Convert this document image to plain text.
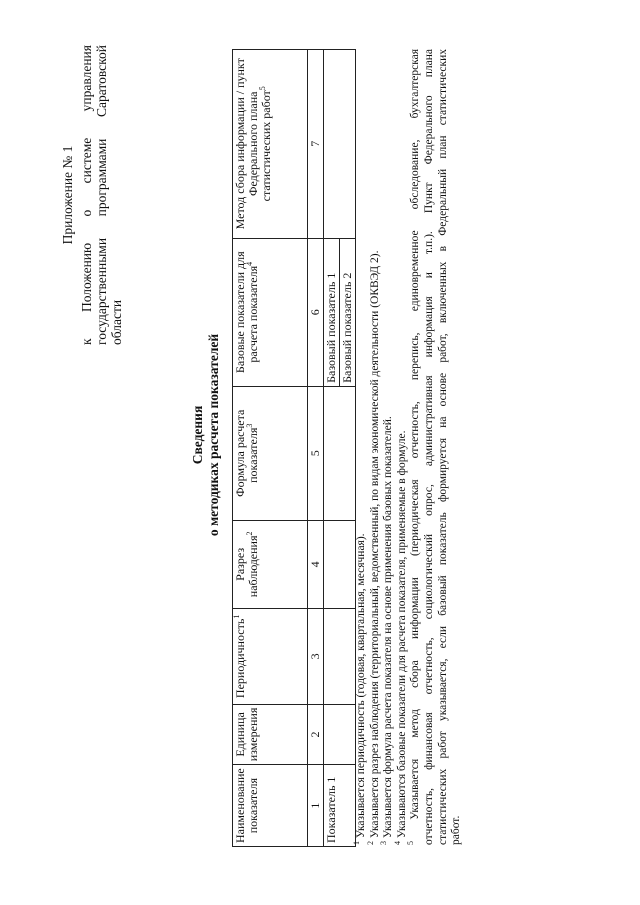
Приложение № 1 к Положению о системе управления государственными программами Саратовской области
Сведения о методиках расчета показателей
Наименование показателя	Единица измерения	Периодичность$^1$	Разрез наблюдения$^2$	Формула расчета показателя$^3$	Базовые показатели для расчета показателя$^4$	Метод сбора информации / пункт Федерального плана статистических работ$^5$
1	2	3	4	5	6	7
Показатель 1					Базовый показатель 1	
					Базовый показатель 2	
$^1$ Указывается периодичность (годовая, квартальная, месячная).
$^2$ Указывается разрез наблюдения (территориальный, ведомственный, по видам экономической деятельности (ОКВЭД 2).
$^3$ Указывается формула расчета показателя на основе применения базовых показателей.
$^4$ Указываются базовые показатели для расчета показателя, применяемые в формуле.
$^5$ Указывается метод сбора информации (периодическая отчетность, перепись, единовременное обследование, бухгалтерская отчетность, финансовая отчетность, социологический опрос, административная информация и т.п.). Пункт Федерального плана статистических работ указывается, если базовый показатель формируется на основе работ, включенных в Федеральный план статистических работ.
